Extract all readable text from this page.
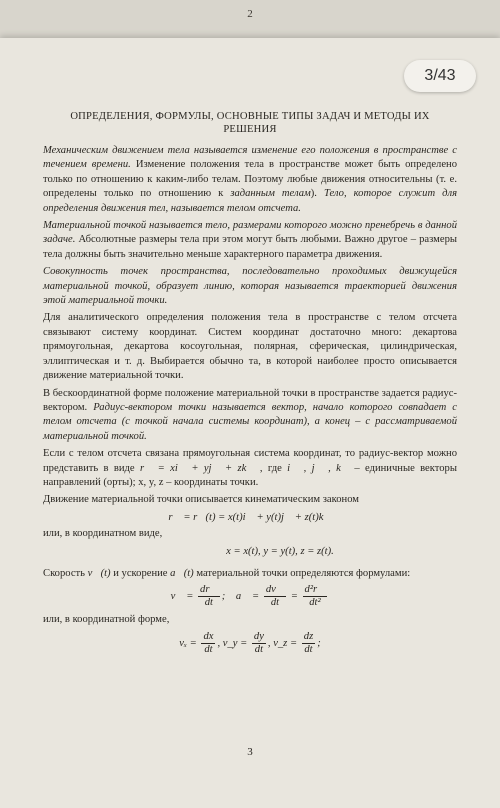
2
3/43
ОПРЕДЕЛЕНИЯ, ФОРМУЛЫ, ОСНОВНЫЕ ТИПЫ ЗАДАЧ И МЕТОДЫ ИХ РЕШЕНИЯ

Механическим движением тела называется изменение его положения в пространстве с течением времени. Изменение положения тела в пространстве может быть определено только по отношению к каким-либо телам. Поэтому любые движения относительны (т. е. определены только по отношению к заданным телам). Тело, которое служит для определения движения тел, называется телом отсчета.

Материальной точкой называется тело, размерами которого можно пренебречь в данной задаче. Абсолютные размеры тела при этом могут быть любыми. Важно другое – размеры тела должны быть значительно меньше характерного параметра движения.

Совокупность точек пространства, последовательно проходимых движущейся материальной точкой, образует линию, которая называется траекторией движения этой материальной точки.

Для аналитического определения положения тела в пространстве с телом отсчета связывают систему координат. Систем координат достаточно много: декартова прямоугольная, декартова косоугольная, полярная, сферическая, цилиндрическая, эллиптическая и т. д. Выбирается обычно та, в которой наиболее просто описывается движение материальной точки.

В бескоординатной форме положение материальной точки в пространстве задается радиус-вектором. Радиус-вектором точки называется вектор, начало которого совпадает с телом отсчета (с точкой начала системы координат), а конец – с рассматриваемой материальной точкой.

Если с телом отсчета связана прямоугольная система координат, то радиус-вектор можно представить в виде r⃗ = xi⃗ + yj⃗ + zk⃗ , где i⃗ , j⃗ , k⃗ – единичные векторы направлений (орты); x, y, z – координаты точки.

Движение материальной точки описывается кинематическим законом

r⃗ = r⃗(t) = x(t)i⃗ + y(t)j⃗ + z(t)k⃗

или, в координатном виде,

x = x(t), y = y(t), z = z(t).

Скорость v⃗(t) и ускорение a⃗(t) материальной точки определяются формулами:

v⃗ = $\frac{dr⃗}{dt}$ ; a⃗ = $\frac{dv⃗}{dt} = \frac{\text{d²r⃗}}{\text{dt²}}$

или, в координатной форме,

$v_x = \frac{dx}{dt}$ , v_y = $\frac{dy}{dt}$ , v_z = $\frac{dz}{dt}$ ;
3
